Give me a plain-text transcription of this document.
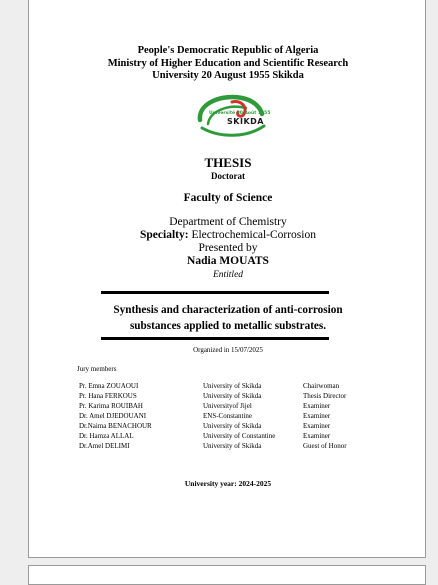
People's Democratic Republic of Algeria
Ministry of Higher Education and Scientific Research
University 20 August 1955 Skikda
Université 20 Août 1955
SKIKDA
THESIS
Doctorat
Faculty of Science
Department of Chemistry
Specialty: Electrochemical-Corrosion
Presented by
Nadia MOUATS
Entitled
Synthesis and characterization of anti-corrosion
substances applied to metallic substrates.
Organized in 15/07/2025
Jury members
Pr. Emna ZOUAOUI	University of Skikda	Chairwoman
Pr. Hana FERKOUS	University of Skikda	Thesis Director
Pr. Karima ROUIBAH	Universityof Jijel	Examiner
Dr. Amel DJEDOUANI	ENS-Constantine	Examiner
Dr.Naima BENACHOUR	University of Skikda	Examiner
Dr. Hamza ALLAL	University of Constantine	Examiner
Dr.Amel DELIMI	University of Skikda	Guest of Honor
University year: 2024-2025
